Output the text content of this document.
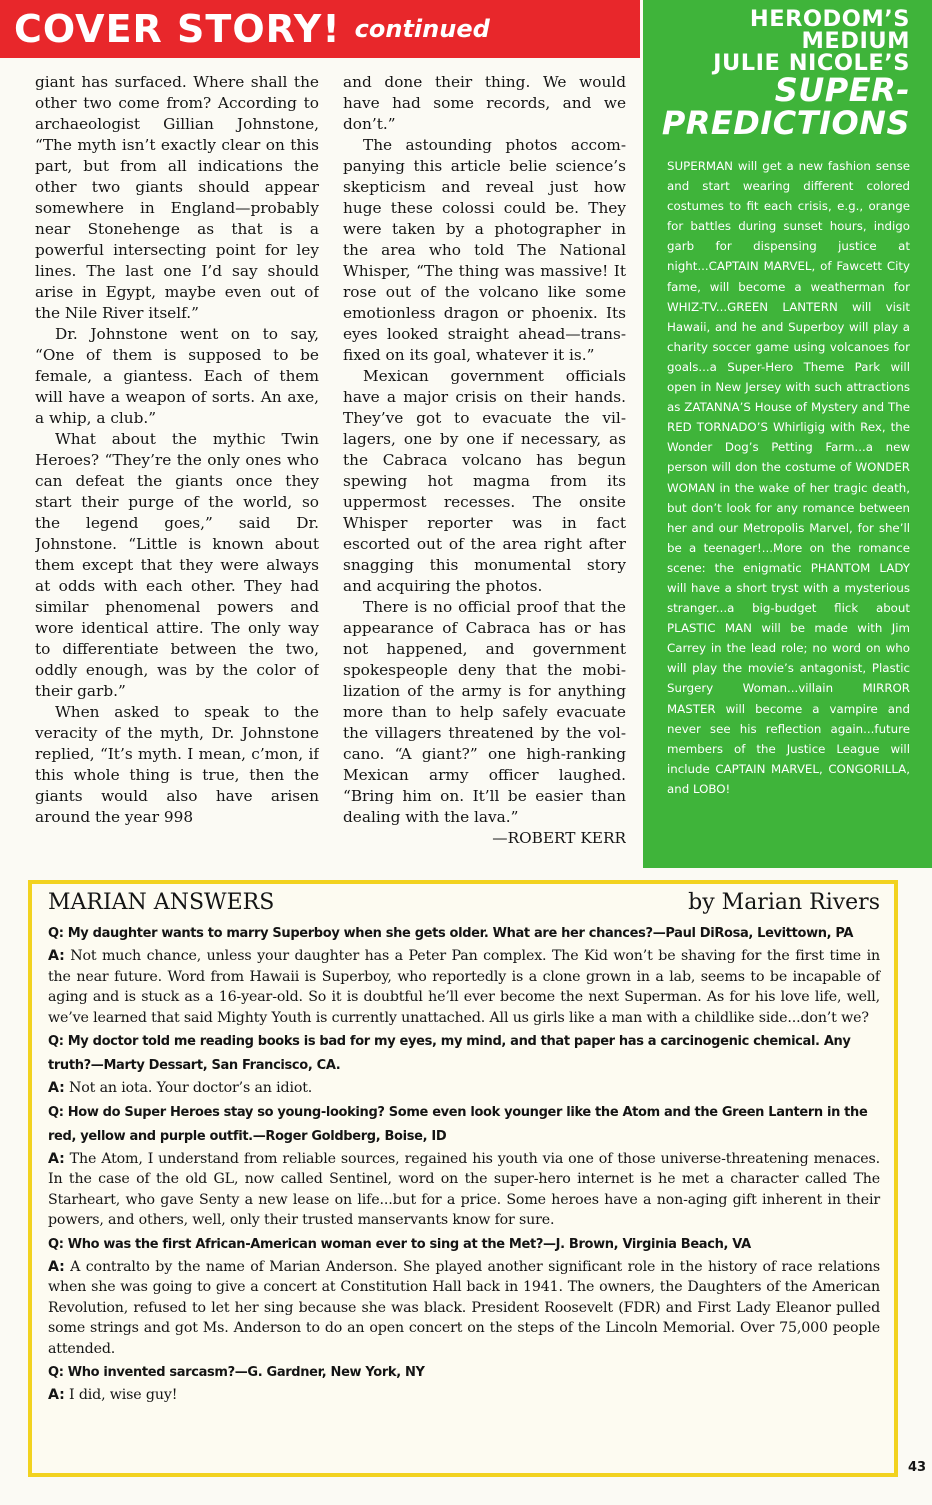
COVER STORY! continued

giant has surfaced. Where shall the other two come from? According to archaeologist Gillian Johnstone, “The myth isn’t exactly clear on this part, but from all indications the other two giants should appear somewhere in England—probably near Stonehenge as that is a powerful intersecting point for ley lines. The last one I’d say should arise in Egypt, maybe even out of the Nile River itself.”

Dr. Johnstone went on to say, “One of them is supposed to be female, a giantess. Each of them will have a weapon of sorts. An axe, a whip, a club.”

What about the mythic Twin Heroes? “They’re the only ones who can defeat the giants once they start their purge of the world, so the legend goes,” said Dr. Johnstone. “Little is known about them except that they were always at odds with each other. They had similar phenomenal powers and wore identical attire. The only way to differentiate between the two, oddly enough, was by the color of their garb.”

When asked to speak to the veracity of the myth, Dr. Johnstone replied, “It’s myth. I mean, c’mon, if this whole thing is true, then the giants would also have arisen around the year 998

and done their thing. We would have had some records, and we don’t.”

The astounding photos accompanying this article belie science’s skepticism and reveal just how huge these colossi could be. They were taken by a photographer in the area who told The National Whisper, “The thing was massive! It rose out of the volcano like some emotionless dragon or phoenix. Its eyes looked straight ahead—transfixed on its goal, whatever it is.”

Mexican government officials have a major crisis on their hands. They’ve got to evacuate the villagers, one by one if necessary, as the Cabraca volcano has begun spewing hot magma from its uppermost recesses. The onsite Whisper reporter was in fact escorted out of the area right after snagging this monumental story and acquiring the photos.

There is no official proof that the appearance of Cabraca has or has not happened, and government spokespeople deny that the mobilization of the army is for anything more than to help safely evacuate the villagers threatened by the volcano. “A giant?” one high-ranking Mexican army officer laughed. “Bring him on. It’ll be easier than dealing with the lava.”

—ROBERT KERR

HERODOM’S
MEDIUM
JULIE NICOLE’S
SUPER-
PREDICTIONS
SUPERMAN will get a new fashion sense and start wearing different colored costumes to fit each crisis, e.g., orange for battles during sunset hours, indigo garb for dispensing justice at night...CAPTAIN MARVEL, of Fawcett City fame, will become a weatherman for WHIZ-TV...GREEN LANTERN will visit Hawaii, and he and Superboy will play a charity soccer game using volcanoes for goals...a Super-Hero Theme Park will open in New Jersey with such attractions as ZATANNA’S House of Mystery and The RED TORNADO’S Whirligig with Rex, the Wonder Dog’s Petting Farm...a new person will don the costume of WONDER WOMAN in the wake of her tragic death, but don’t look for any romance between her and our Metropolis Marvel, for she’ll be a teenager!...More on the romance scene: the enigmatic PHANTOM LADY will have a short tryst with a mysterious stranger...a big-budget flick about PLASTIC MAN will be made with Jim Carrey in the lead role; no word on who will play the movie’s antagonist, Plastic Surgery Woman...villain MIRROR MASTER will become a vampire and never see his reflection again...future members of the Justice League will include CAPTAIN MARVEL, CONGORILLA, and LOBO!
MARIAN ANSWERS	by Marian Rivers

Q: My daughter wants to marry Superboy when she gets older. What are her chances?—Paul DiRosa, Levittown, PA

A: Not much chance, unless your daughter has a Peter Pan complex. The Kid won’t be shaving for the first time in the near future. Word from Hawaii is Superboy, who reportedly is a clone grown in a lab, seems to be incapable of aging and is stuck as a 16-year-old. So it is doubtful he’ll ever become the next Superman. As for his love life, well, we’ve learned that said Mighty Youth is currently unattached. All us girls like a man with a childlike side...don’t we?

Q: My doctor told me reading books is bad for my eyes, my mind, and that paper has a carcinogenic chemical. Any truth?—Marty Dessart, San Francisco, CA.

A: Not an iota. Your doctor’s an idiot.

Q: How do Super Heroes stay so young-looking? Some even look younger like the Atom and the Green Lantern in the red, yellow and purple outfit.—Roger Goldberg, Boise, ID

A: The Atom, I understand from reliable sources, regained his youth via one of those universe-threatening menaces. In the case of the old GL, now called Sentinel, word on the super-hero internet is he met a character called The Starheart, who gave Senty a new lease on life...but for a price. Some heroes have a non-aging gift inherent in their powers, and others, well, only their trusted manservants know for sure.

Q: Who was the first African-American woman ever to sing at the Met?—J. Brown, Virginia Beach, VA

A: A contralto by the name of Marian Anderson. She played another significant role in the history of race relations when she was going to give a concert at Constitution Hall back in 1941. The owners, the Daughters of the American Revolution, refused to let her sing because she was black. President Roosevelt (FDR) and First Lady Eleanor pulled some strings and got Ms. Anderson to do an open concert on the steps of the Lincoln Memorial. Over 75,000 people attended.

Q: Who invented sarcasm?—G. Gardner, New York, NY

A: I did, wise guy!

43
